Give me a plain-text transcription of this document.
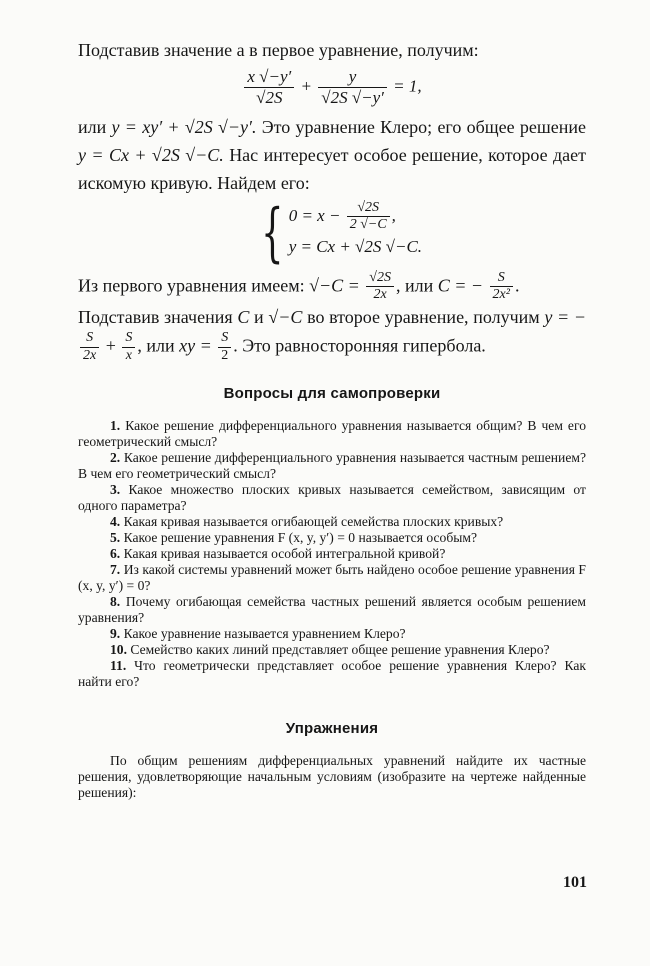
Подставив значение a в первое уравнение, получим:

$\frac{x √-y'}{√2S} + \frac{y}{√2S √-y'} = 1$,

или y = xy′ + √2S √−y′. Это уравнение Клеро; его общее решение y = Cx + √2S √−C. Нас интересует особое решение, которое дает искомую кривую. Найдем его:

{ $0 = x - \frac{√2S}{2 √-C}$ ,
y = Cx + √2S √−C.

Из первого уравнения имеем: $√-C = \frac{√2S}{2x}$ , или C = − $\frac{S}{\text{2x²}}$ .

Подставив значения C и √−C во второе уравнение, получим y = −
$\frac{S}{2x} + \frac{S}{x}$ , или xy = $\frac{S}{2}$ . Это равносторонняя гипербола.

Вопросы для самопроверки

1. Какое решение дифференциального уравнения называется общим? В чем его геометрический смысл?

2. Какое решение дифференциального уравнения называется частным решением? В чем его геометрический смысл?

3. Какое множество плоских кривых называется семейством, зависящим от одного параметра?

4. Какая кривая называется огибающей семейства плоских кривых?

5. Какое решение уравнения F (x, y, y′) = 0 называется особым?

6. Какая кривая называется особой интегральной кривой?

7. Из какой системы уравнений может быть найдено особое решение уравнения F (x, y, y′) = 0?

8. Почему огибающая семейства частных решений является особым решением уравнения?

9. Какое уравнение называется уравнением Клеро?

10. Семейство каких линий представляет общее решение уравнения Клеро?

11. Что геометрически представляет особое решение уравнения Клеро? Как найти его?

Упражнения

По общим решениям дифференциальных уравнений найдите их частные решения, удовлетворяющие начальным условиям (изобразите на чертеже найденные решения):

101
